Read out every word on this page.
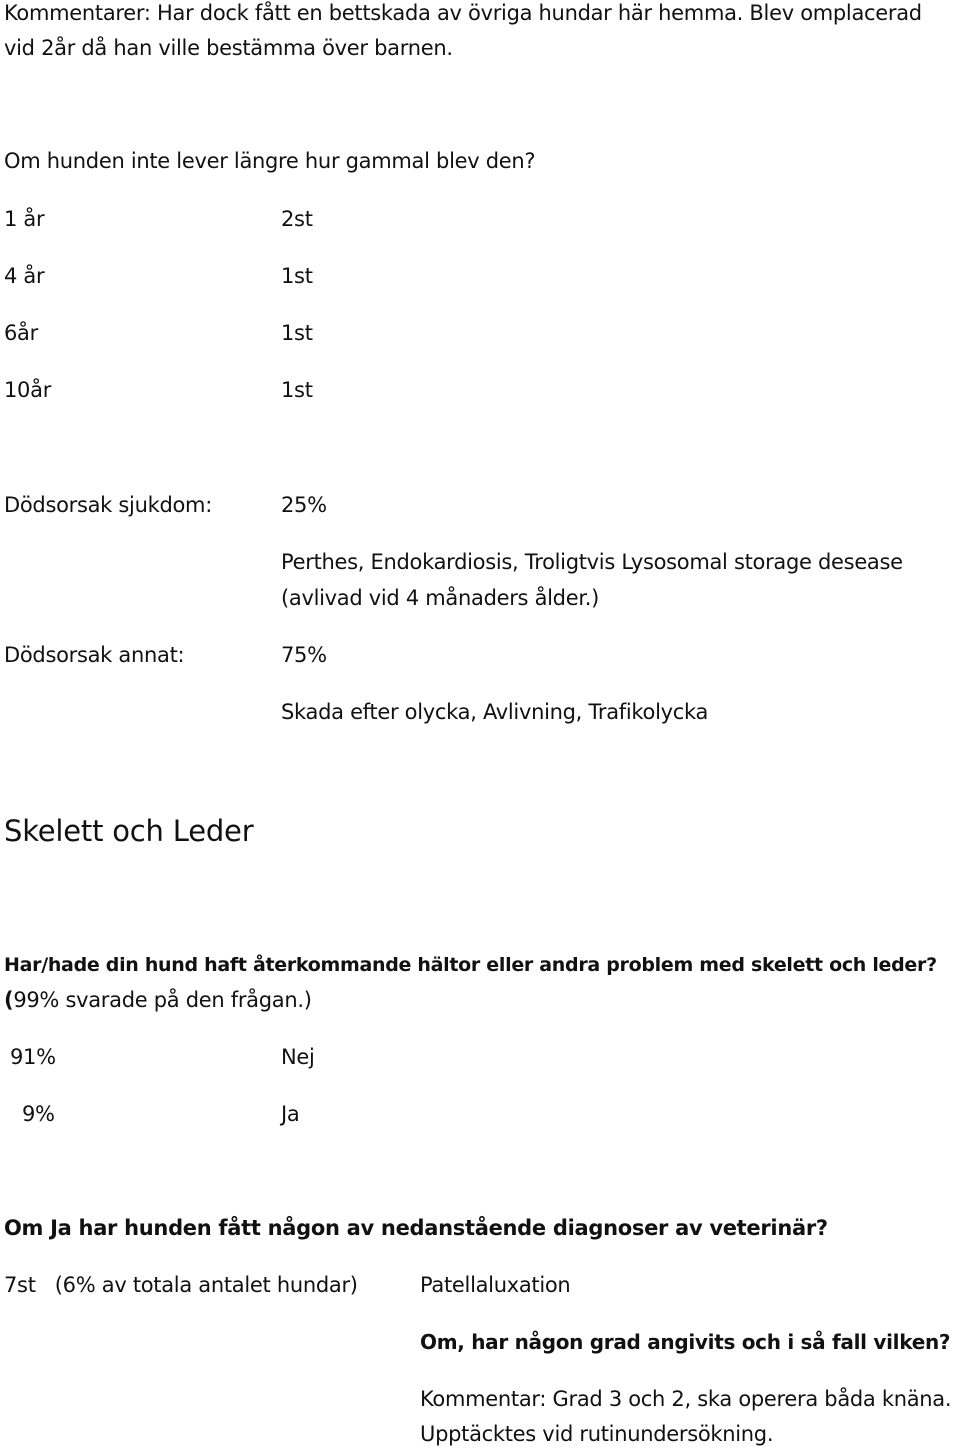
Kommentarer: Har dock fått en bettskada av övriga hundar här hemma. Blev omplacerad
vid 2år då han ville bestämma över barnen.
Om hunden inte lever längre hur gammal blev den?
1 år	2st
4 år	1st
6år	1st
10år	1st
Dödsorsak sjukdom:	25%
Perthes, Endokardiosis, Troligtvis Lysosomal storage desease
(avlivad vid 4 månaders ålder.)
Dödsorsak annat:	75%
Skada efter olycka, Avlivning, Trafikolycka
Skelett och Leder
Har/hade din hund haft återkommande hältor eller andra problem med skelett och leder?
(99% svarade på den frågan.)
91%	Nej
9%	Ja
Om Ja har hunden fått någon av nedanstående diagnoser av veterinär?
7st   (6% av totala antalet hundar)	Patellaluxation
Om, har någon grad angivits och i så fall vilken?
Kommentar: Grad 3 och 2, ska operera båda knäna.
Upptäcktes vid rutinundersökning.
